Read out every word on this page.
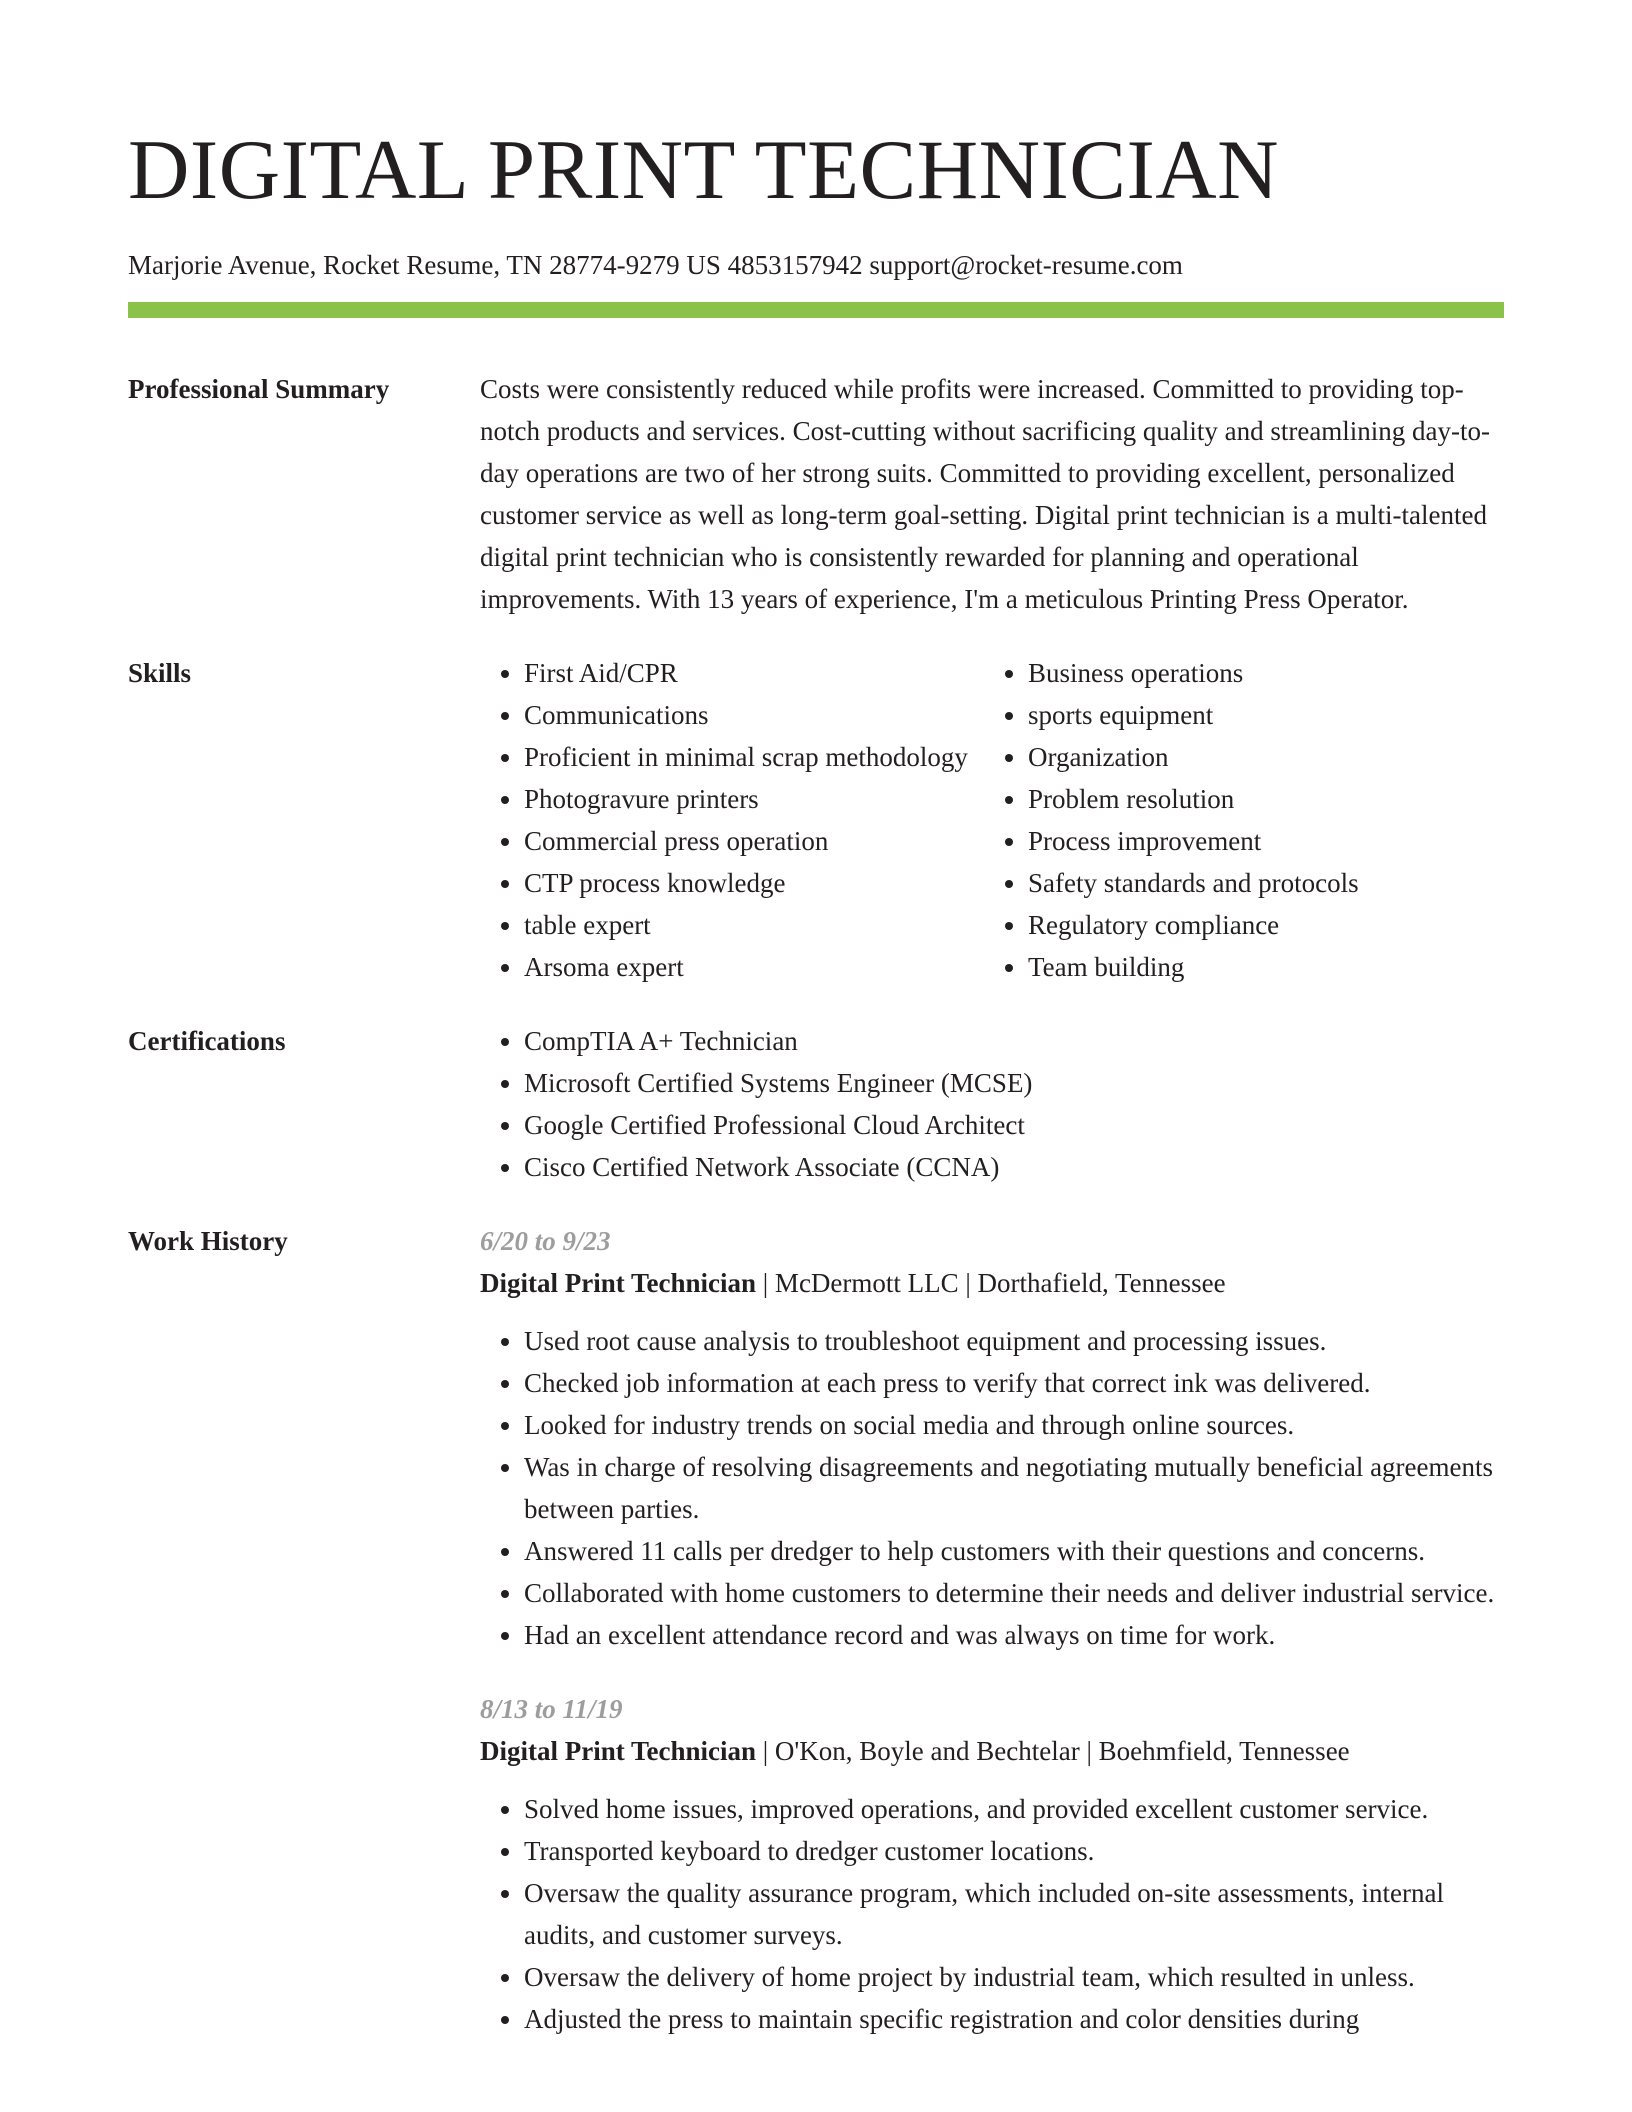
DIGITAL PRINT TECHNICIAN
Marjorie Avenue, Rocket Resume, TN 28774-9279 US 4853157942 support@rocket-resume.com
Professional Summary	Costs were consistently reduced while profits were increased. Committed to providing top-notch products and services. Cost-cutting without sacrificing quality and streamlining day-to-day operations are two of her strong suits. Committed to providing excellent, personalized customer service as well as long-term goal-setting. Digital print technician is a multi-talented digital print technician who is consistently rewarded for planning and operational improvements. With 13 years of experience, I'm a meticulous Printing Press Operator.

Skills	• First Aid/CPR
• Communications
• Proficient in minimal scrap methodology
• Photogravure printers
• Commercial press operation
• CTP process knowledge
• table expert
• Arsoma expert
• Business operations
• sports equipment
• Organization
• Problem resolution
• Process improvement
• Safety standards and protocols
• Regulatory compliance
• Team building
Certifications	• CompTIA A+ Technician
• Microsoft Certified Systems Engineer (MCSE)
• Google Certified Professional Cloud Architect
• Cisco Certified Network Associate (CCNA)
Work History	6/20 to 9/23
Digital Print Technician | McDermott LLC | Dorthafield, Tennessee
• Used root cause analysis to troubleshoot equipment and processing issues.
• Checked job information at each press to verify that correct ink was delivered.
• Looked for industry trends on social media and through online sources.
• Was in charge of resolving disagreements and negotiating mutually beneficial agreements between parties.
• Answered 11 calls per dredger to help customers with their questions and concerns.
• Collaborated with home customers to determine their needs and deliver industrial service.
• Had an excellent attendance record and was always on time for work.
8/13 to 11/19
Digital Print Technician | O'Kon, Boyle and Bechtelar | Boehmfield, Tennessee
• Solved home issues, improved operations, and provided excellent customer service.
• Transported keyboard to dredger customer locations.
• Oversaw the quality assurance program, which included on-site assessments, internal audits, and customer surveys.
• Oversaw the delivery of home project by industrial team, which resulted in unless.
• Adjusted the press to maintain specific registration and color densities during
